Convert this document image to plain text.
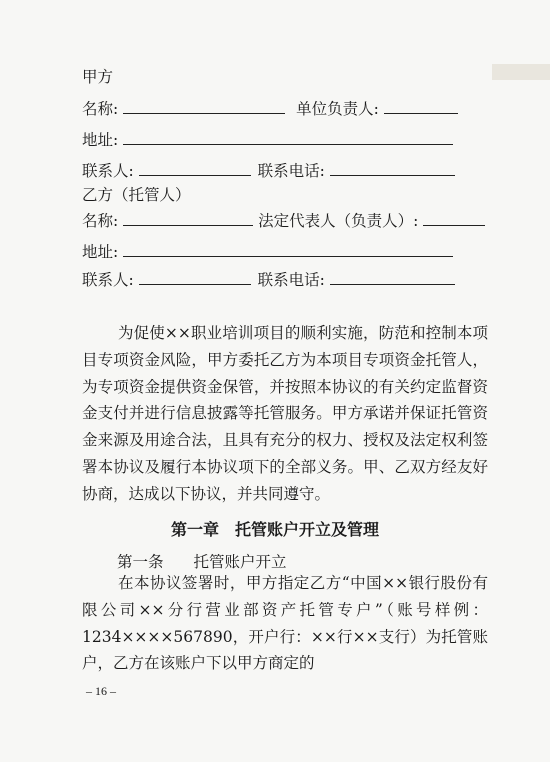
甲方
名称:	单位负责人:
地址:
联系人:	联系电话:
乙方（托管人）
名称:	法定代表人（负责人）:
地址:
联系人:	联系电话:
为促使××职业培训项目的顺利实施，防范和控制本项目专项资金风险，甲方委托乙方为本项目专项资金托管人，为专项资金提供资金保管，并按照本协议的有关约定监督资金支付并进行信息披露等托管服务。甲方承诺并保证托管资金来源及用途合法，且具有充分的权力、授权及法定权利签署本协议及履行本协议项下的全部义务。甲、乙双方经友好协商，达成以下协议，并共同遵守。
第一章　托管账户开立及管理
第一条 托管账户开立
在本协议签署时，甲方指定乙方“中国××银行股份有限公司××分行营业部资产托管专户”（账号样例：1234××××567890，开户行：××行××支行）为托管账户，乙方在该账户下以甲方商定的
– 16 –
